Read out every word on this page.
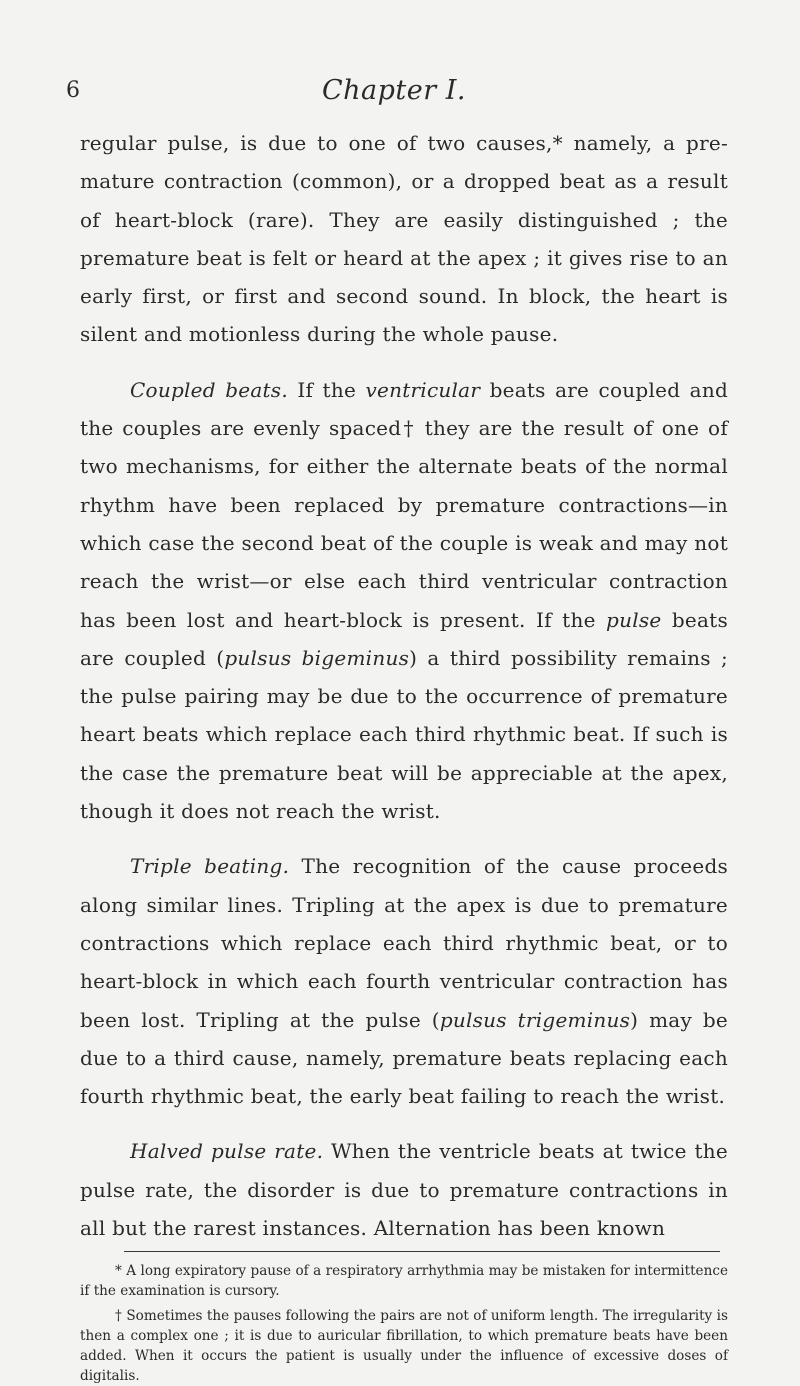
6	Chapter I.

regular pulse, is due to one of two causes,* namely, a pre-mature contraction (common), or a dropped beat as a result of heart-block (rare). They are easily distinguished ; the premature beat is felt or heard at the apex ; it gives rise to an early first, or first and second sound. In block, the heart is silent and motionless during the whole pause.

Coupled beats. If the ventricular beats are coupled and the couples are evenly spaced† they are the result of one of two mechanisms, for either the alternate beats of the normal rhythm have been replaced by premature contractions—in which case the second beat of the couple is weak and may not reach the wrist—or else each third ventricular contraction has been lost and heart-block is present. If the pulse beats are coupled (pulsus bigeminus) a third possibility remains ; the pulse pairing may be due to the occurrence of premature heart beats which replace each third rhythmic beat. If such is the case the premature beat will be appreciable at the apex, though it does not reach the wrist.

Triple beating. The recognition of the cause proceeds along similar lines. Tripling at the apex is due to premature contractions which replace each third rhythmic beat, or to heart-block in which each fourth ventricular contraction has been lost. Tripling at the pulse (pulsus trigeminus) may be due to a third cause, namely, premature beats replacing each fourth rhythmic beat, the early beat failing to reach the wrist.

Halved pulse rate. When the ventricle beats at twice the pulse rate, the disorder is due to premature contractions in all but the rarest instances. Alternation has been known

* A long expiratory pause of a respiratory arrhythmia may be mistaken for intermittence if the examination is cursory.

† Sometimes the pauses following the pairs are not of uniform length. The irregularity is then a complex one ; it is due to auricular fibrillation, to which premature beats have been added. When it occurs the patient is usually under the influence of excessive doses of digitalis.
